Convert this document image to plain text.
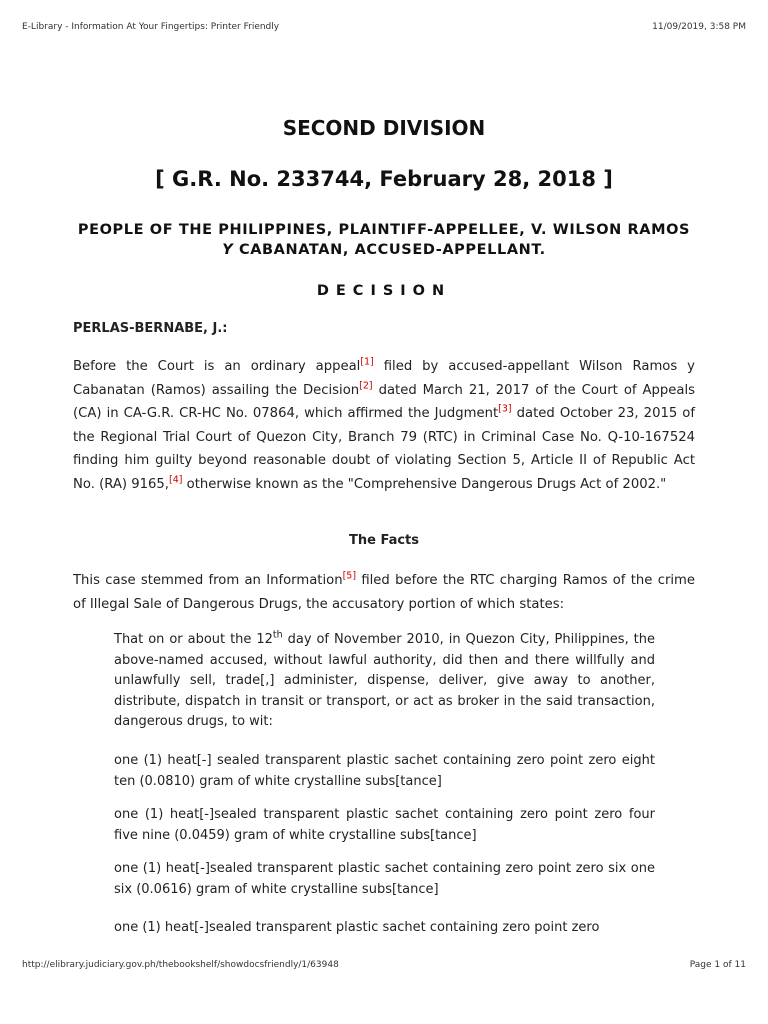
E-Library - Information At Your Fingertips: Printer Friendly	11/09/2019, 3:58 PM
SECOND DIVISION
[ G.R. No. 233744, February 28, 2018 ]
PEOPLE OF THE PHILIPPINES, PLAINTIFF-APPELLEE, V. WILSON RAMOS Y CABANATAN, ACCUSED-APPELLANT.
DECISION
PERLAS-BERNABE, J.:
Before the Court is an ordinary appeal[1] filed by accused-appellant Wilson Ramos y Cabanatan (Ramos) assailing the Decision[2] dated March 21, 2017 of the Court of Appeals (CA) in CA-G.R. CR-HC No. 07864, which affirmed the Judgment[3] dated October 23, 2015 of the Regional Trial Court of Quezon City, Branch 79 (RTC) in Criminal Case No. Q-10-167524 finding him guilty beyond reasonable doubt of violating Section 5, Article II of Republic Act No. (RA) 9165,[4] otherwise known as the "Comprehensive Dangerous Drugs Act of 2002."
The Facts
This case stemmed from an Information[5] filed before the RTC charging Ramos of the crime of Illegal Sale of Dangerous Drugs, the accusatory portion of which states:
That on or about the 12th day of November 2010, in Quezon City, Philippines, the above-named accused, without lawful authority, did then and there willfully and unlawfully sell, trade[,] administer, dispense, deliver, give away to another, distribute, dispatch in transit or transport, or act as broker in the said transaction, dangerous drugs, to wit:
one (1) heat[-] sealed transparent plastic sachet containing zero point zero eight ten (0.0810) gram of white crystalline subs[tance]
one (1) heat[-]sealed transparent plastic sachet containing zero point zero four five nine (0.0459) gram of white crystalline subs[tance]
one (1) heat[-]sealed transparent plastic sachet containing zero point zero six one six (0.0616) gram of white crystalline subs[tance]
one (1) heat[-]sealed transparent plastic sachet containing zero point zero
http://elibrary.judiciary.gov.ph/thebookshelf/showdocsfriendly/1/63948	Page 1 of 11
